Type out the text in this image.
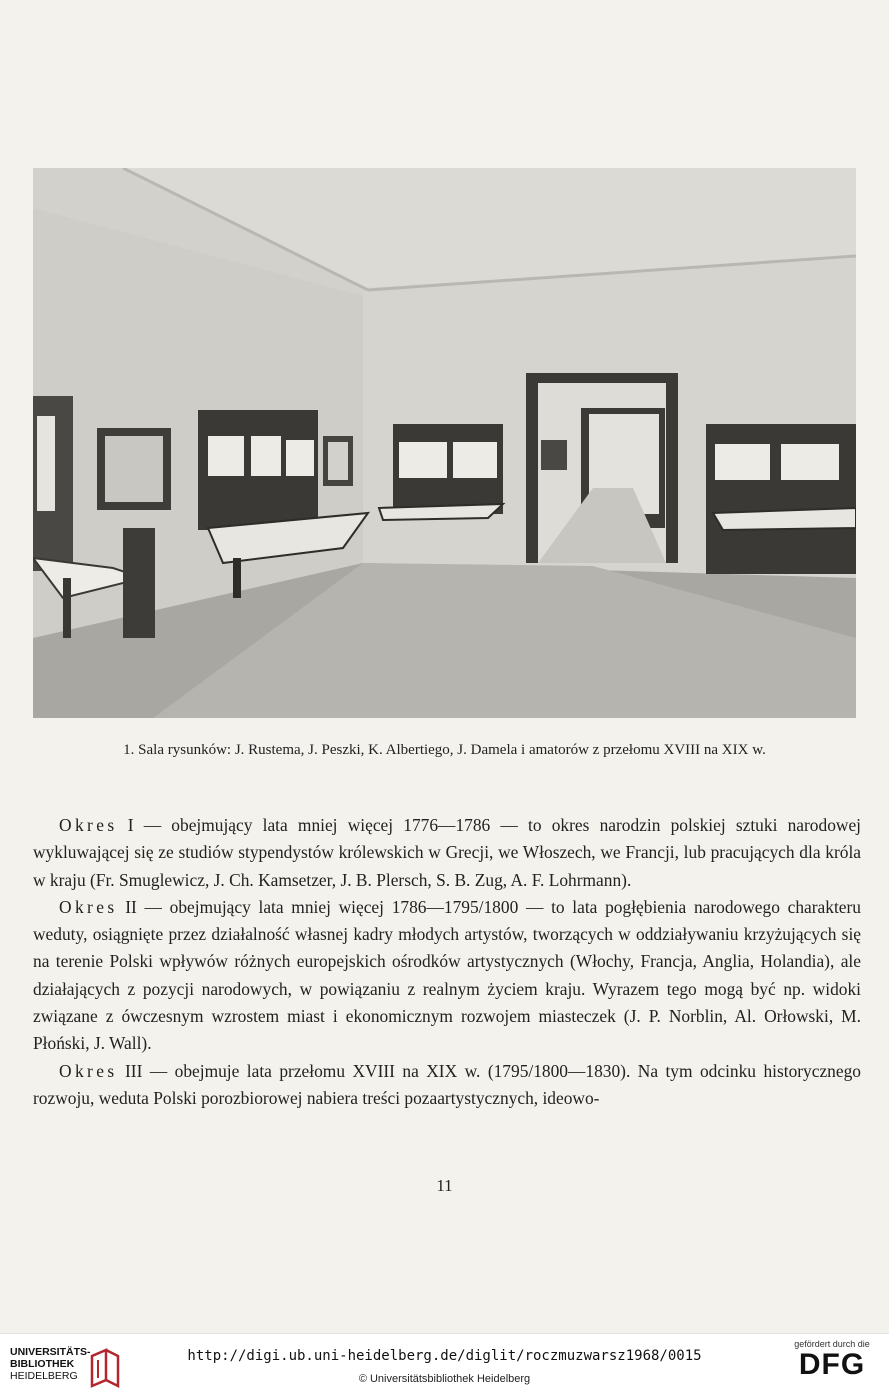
1. Sala rysunków: J. Rustema, J. Peszki, K. Albertiego, J. Damela i amatorów z przełomu XVIII na XIX w.

Okres I — obejmujący lata mniej więcej 1776—1786 — to okres narodzin polskiej sztuki narodowej wykluwającej się ze studiów stypendystów królewskich w Grecji, we Włoszech, we Francji, lub pracujących dla króla w kraju (Fr. Smuglewicz, J. Ch. Kamsetzer, J. B. Plersch, S. B. Zug, A. F. Lohrmann).

Okres II — obejmujący lata mniej więcej 1786—1795/1800 — to lata pogłębienia narodowego charakteru weduty, osiągnięte przez działalność własnej kadry młodych artystów, tworzących w oddziaływaniu krzyżujących się na terenie Polski wpływów różnych europejskich ośrodków artystycznych (Włochy, Francja, Anglia, Holandia), ale działających z pozycji narodowych, w powiązaniu z realnym życiem kraju. Wyrazem tego mogą być np. widoki związane z ówczesnym wzrostem miast i ekonomicznym rozwojem miasteczek (J. P. Norblin, Al. Orłowski, M. Płoński, J. Wall).

Okres III — obejmuje lata przełomu XVIII na XIX w. (1795/1800—1830). Na tym odcinku historycznego rozwoju, weduta Polski porozbiorowej nabiera treści pozaartystycznych, ideowo-

11
UNIVERSITÄTS-
BIBLIOTHEK
HEIDELBERG
http://digi.ub.uni-heidelberg.de/diglit/roczmuzwarsz1968/0015
© Universitätsbibliothek Heidelberg
gefördert durch die
DFG
